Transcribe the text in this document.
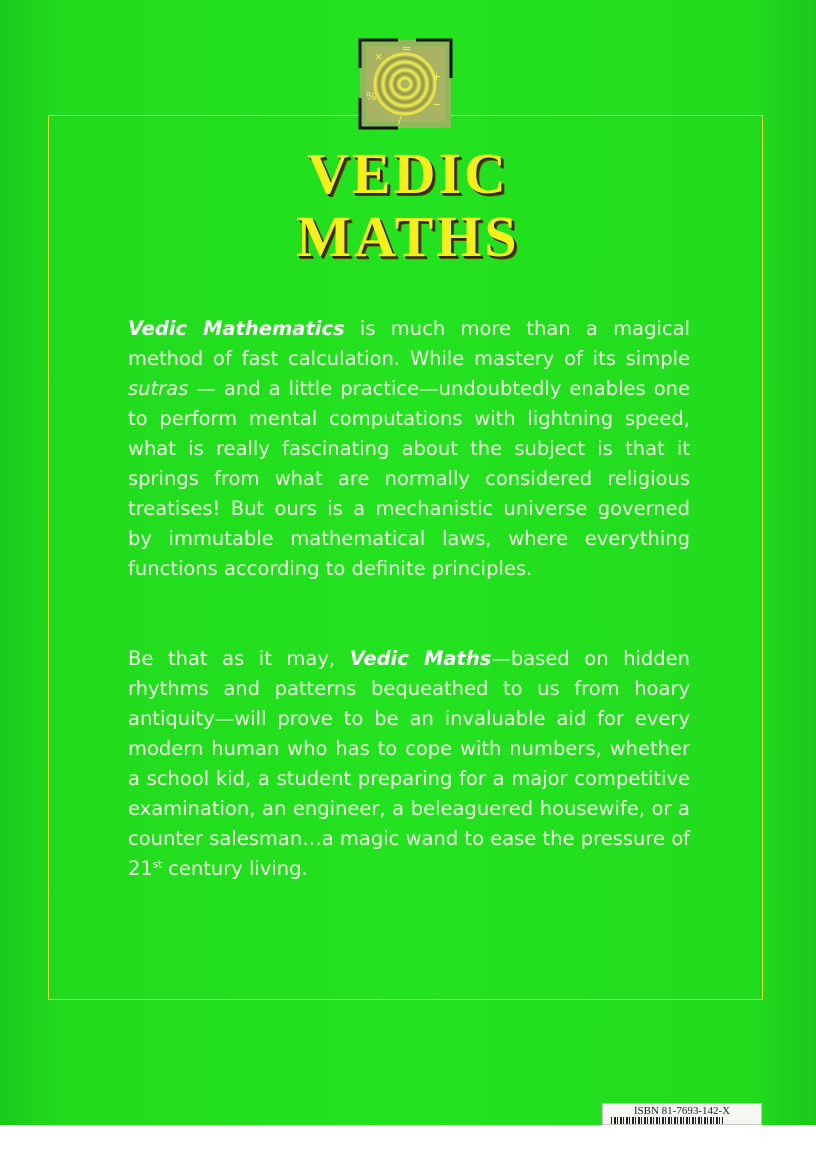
×
=
+
%
−
/
VEDIC
MATHS

Vedic Mathematics is much more than a magical method of fast calculation. While mastery of its simple sutras — and a little practice—undoubtedly enables one to perform mental computations with lightning speed, what is really fascinating about the subject is that it springs from what are normally considered religious treatises! But ours is a mechanistic universe governed by immutable mathematical laws, where everything functions according to definite principles.

Be that as it may, Vedic Maths—based on hidden rhythms and patterns bequeathed to us from hoary antiquity—will prove to be an invaluable aid for every modern human who has to cope with numbers, whether a school kid, a student preparing for a major competitive examination, an engineer, a beleaguered housewife, or a counter salesman…a magic wand to ease the pressure of 21st century living.

ISBN 81-7693-142-X
